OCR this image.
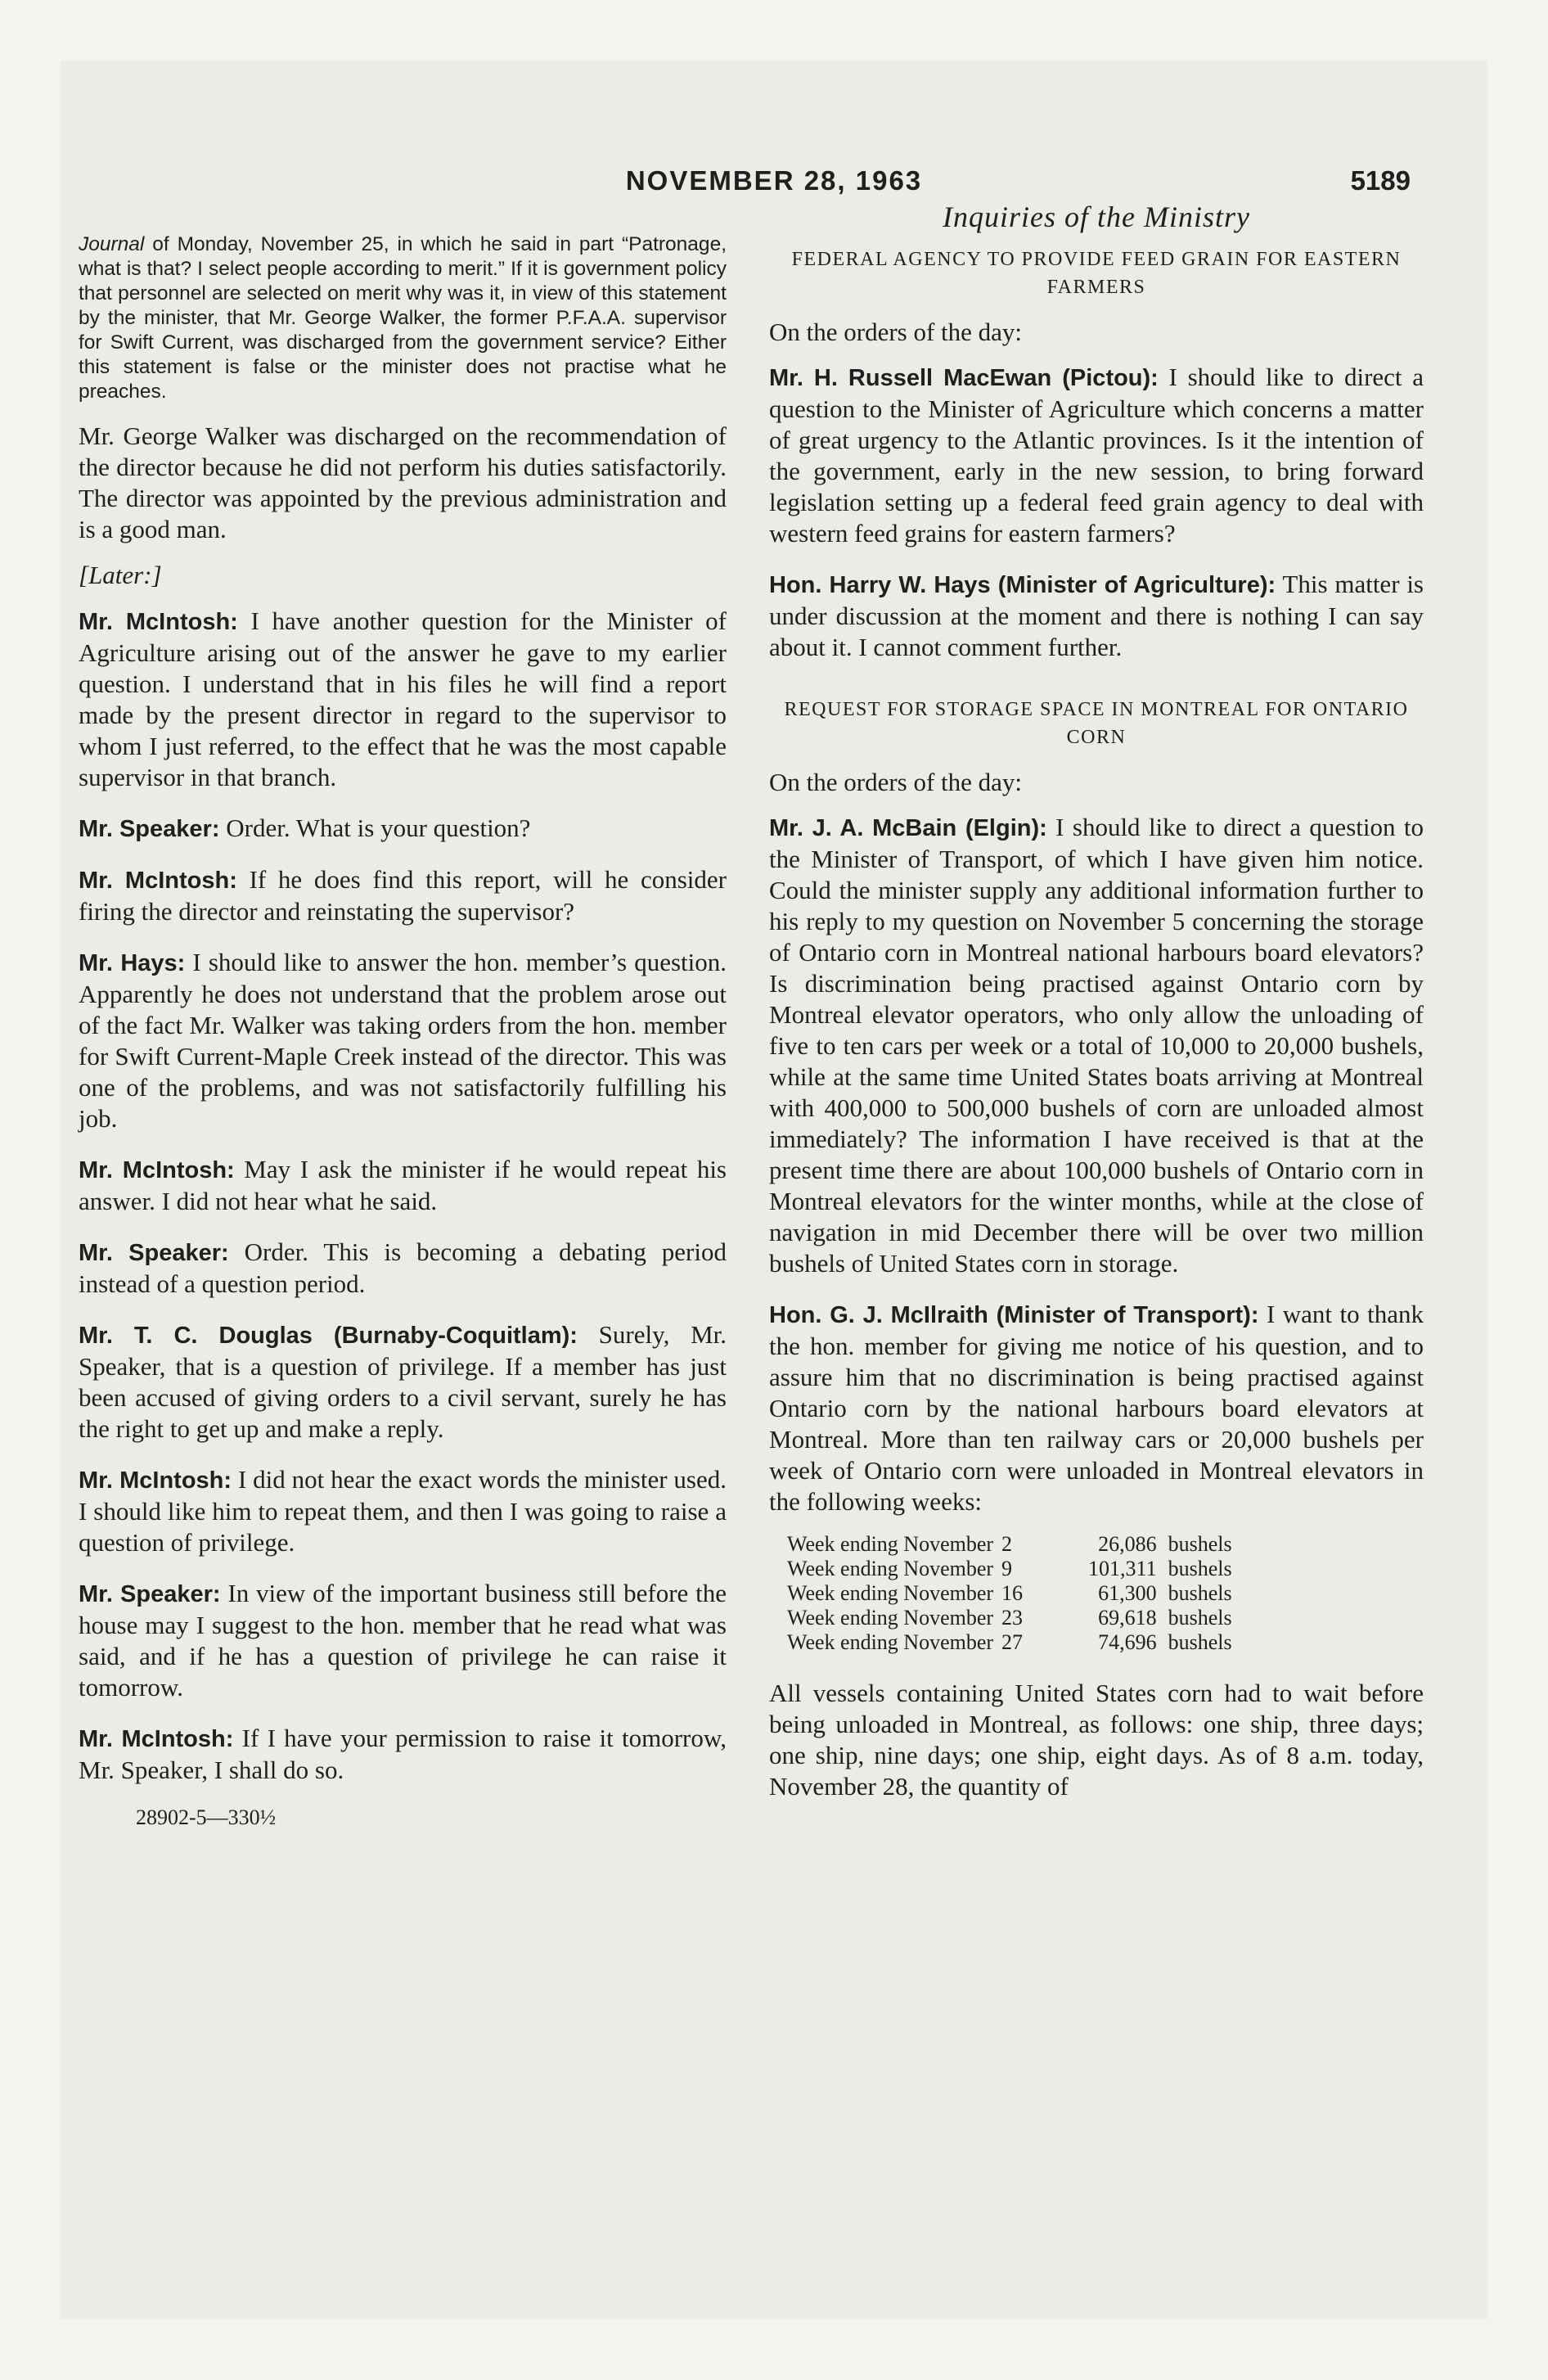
NOVEMBER 28, 1963	5189
Journal of Monday, November 25, in which he said in part “Patronage, what is that? I select people according to merit.” If it is government policy that personnel are selected on merit why was it, in view of this statement by the minister, that Mr. George Walker, the former P.F.A.A. supervisor for Swift Current, was discharged from the government service? Either this statement is false or the minister does not practise what he preaches.

Mr. George Walker was discharged on the recommendation of the director because he did not perform his duties satisfactorily. The director was appointed by the previous administration and is a good man.

[Later:]

Mr. McIntosh: I have another question for the Minister of Agriculture arising out of the answer he gave to my earlier question. I understand that in his files he will find a report made by the present director in regard to the supervisor to whom I just referred, to the effect that he was the most capable supervisor in that branch.

Mr. Speaker: Order. What is your question?

Mr. McIntosh: If he does find this report, will he consider firing the director and reinstating the supervisor?

Mr. Hays: I should like to answer the hon. member’s question. Apparently he does not understand that the problem arose out of the fact Mr. Walker was taking orders from the hon. member for Swift Current-Maple Creek instead of the director. This was one of the problems, and was not satisfactorily fulfilling his job.

Mr. McIntosh: May I ask the minister if he would repeat his answer. I did not hear what he said.

Mr. Speaker: Order. This is becoming a debating period instead of a question period.

Mr. T. C. Douglas (Burnaby-Coquitlam): Surely, Mr. Speaker, that is a question of privilege. If a member has just been accused of giving orders to a civil servant, surely he has the right to get up and make a reply.

Mr. McIntosh: I did not hear the exact words the minister used. I should like him to repeat them, and then I was going to raise a question of privilege.

Mr. Speaker: In view of the important business still before the house may I suggest to the hon. member that he read what was said, and if he has a question of privilege he can raise it tomorrow.

Mr. McIntosh: If I have your permission to raise it tomorrow, Mr. Speaker, I shall do so.

28902-5—330½
Inquiries of the Ministry
FEDERAL AGENCY TO PROVIDE FEED GRAIN FOR EASTERN FARMERS
On the orders of the day:

Mr. H. Russell MacEwan (Pictou): I should like to direct a question to the Minister of Agriculture which concerns a matter of great urgency to the Atlantic provinces. Is it the intention of the government, early in the new session, to bring forward legislation setting up a federal feed grain agency to deal with western feed grains for eastern farmers?

Hon. Harry W. Hays (Minister of Agriculture): This matter is under discussion at the moment and there is nothing I can say about it. I cannot comment further.

REQUEST FOR STORAGE SPACE IN MONTREAL FOR ONTARIO CORN
On the orders of the day:

Mr. J. A. McBain (Elgin): I should like to direct a question to the Minister of Transport, of which I have given him notice. Could the minister supply any additional information further to his reply to my question on November 5 concerning the storage of Ontario corn in Montreal national harbours board elevators? Is discrimination being practised against Ontario corn by Montreal elevator operators, who only allow the unloading of five to ten cars per week or a total of 10,000 to 20,000 bushels, while at the same time United States boats arriving at Montreal with 400,000 to 500,000 bushels of corn are unloaded almost immediately? The information I have received is that at the present time there are about 100,000 bushels of Ontario corn in Montreal elevators for the winter months, while at the close of navigation in mid December there will be over two million bushels of United States corn in storage.

Hon. G. J. McIlraith (Minister of Transport): I want to thank the hon. member for giving me notice of his question, and to assure him that no discrimination is being practised against Ontario corn by the national harbours board elevators at Montreal. More than ten railway cars or 20,000 bushels per week of Ontario corn were unloaded in Montreal elevators in the following weeks:

Week ending November	2	26,086	bushels
Week ending November	9	101,311	bushels
Week ending November	16	61,300	bushels
Week ending November	23	69,618	bushels
Week ending November	27	74,696	bushels

All vessels containing United States corn had to wait before being unloaded in Montreal, as follows: one ship, three days; one ship, nine days; one ship, eight days. As of 8 a.m. today, November 28, the quantity of
